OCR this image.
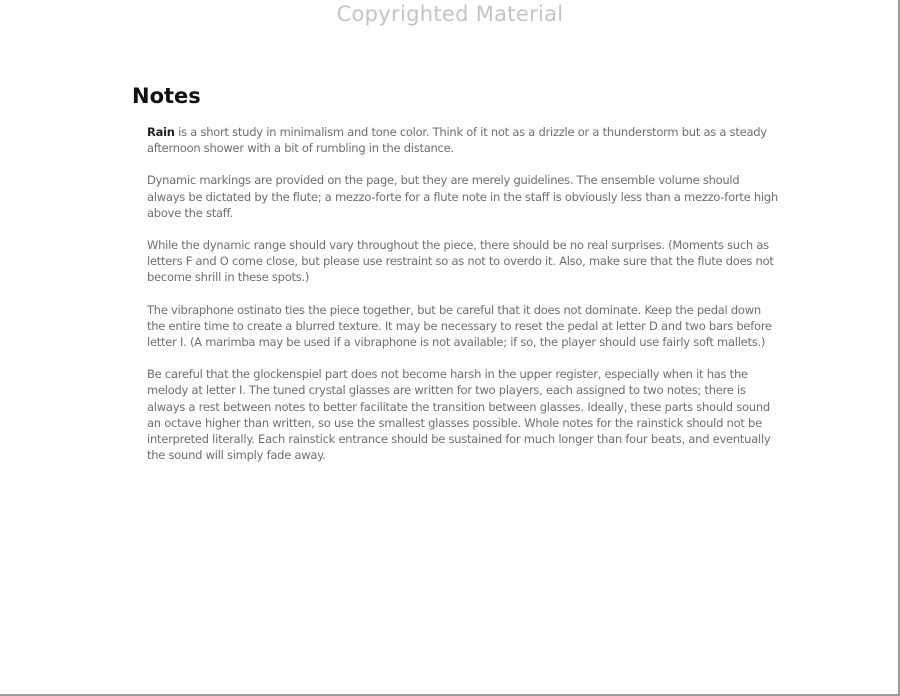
Copyrighted Material
Notes

Rain is a short study in minimalism and tone color. Think of it not as a drizzle or a thunderstorm but as a steady afternoon shower with a bit of rumbling in the distance.

Dynamic markings are provided on the page, but they are merely guidelines. The ensemble volume should always be dictated by the flute; a mezzo-forte for a flute note in the staff is obviously less than a mezzo-forte high above the staff.

While the dynamic range should vary throughout the piece, there should be no real surprises. (Moments such as letters F and O come close, but please use restraint so as not to overdo it. Also, make sure that the flute does not become shrill in these spots.)

The vibraphone ostinato ties the piece together, but be careful that it does not dominate. Keep the pedal down the entire time to create a blurred texture. It may be necessary to reset the pedal at letter D and two bars before letter I. (A marimba may be used if a vibraphone is not available; if so, the player should use fairly soft mallets.)

Be careful that the glockenspiel part does not become harsh in the upper register, especially when it has the melody at letter I. The tuned crystal glasses are written for two players, each assigned to two notes; there is always a rest between notes to better facilitate the transition between glasses. Ideally, these parts should sound an octave higher than written, so use the smallest glasses possible. Whole notes for the rainstick should not be interpreted literally. Each rainstick entrance should be sustained for much longer than four beats, and eventually the sound will simply fade away.
